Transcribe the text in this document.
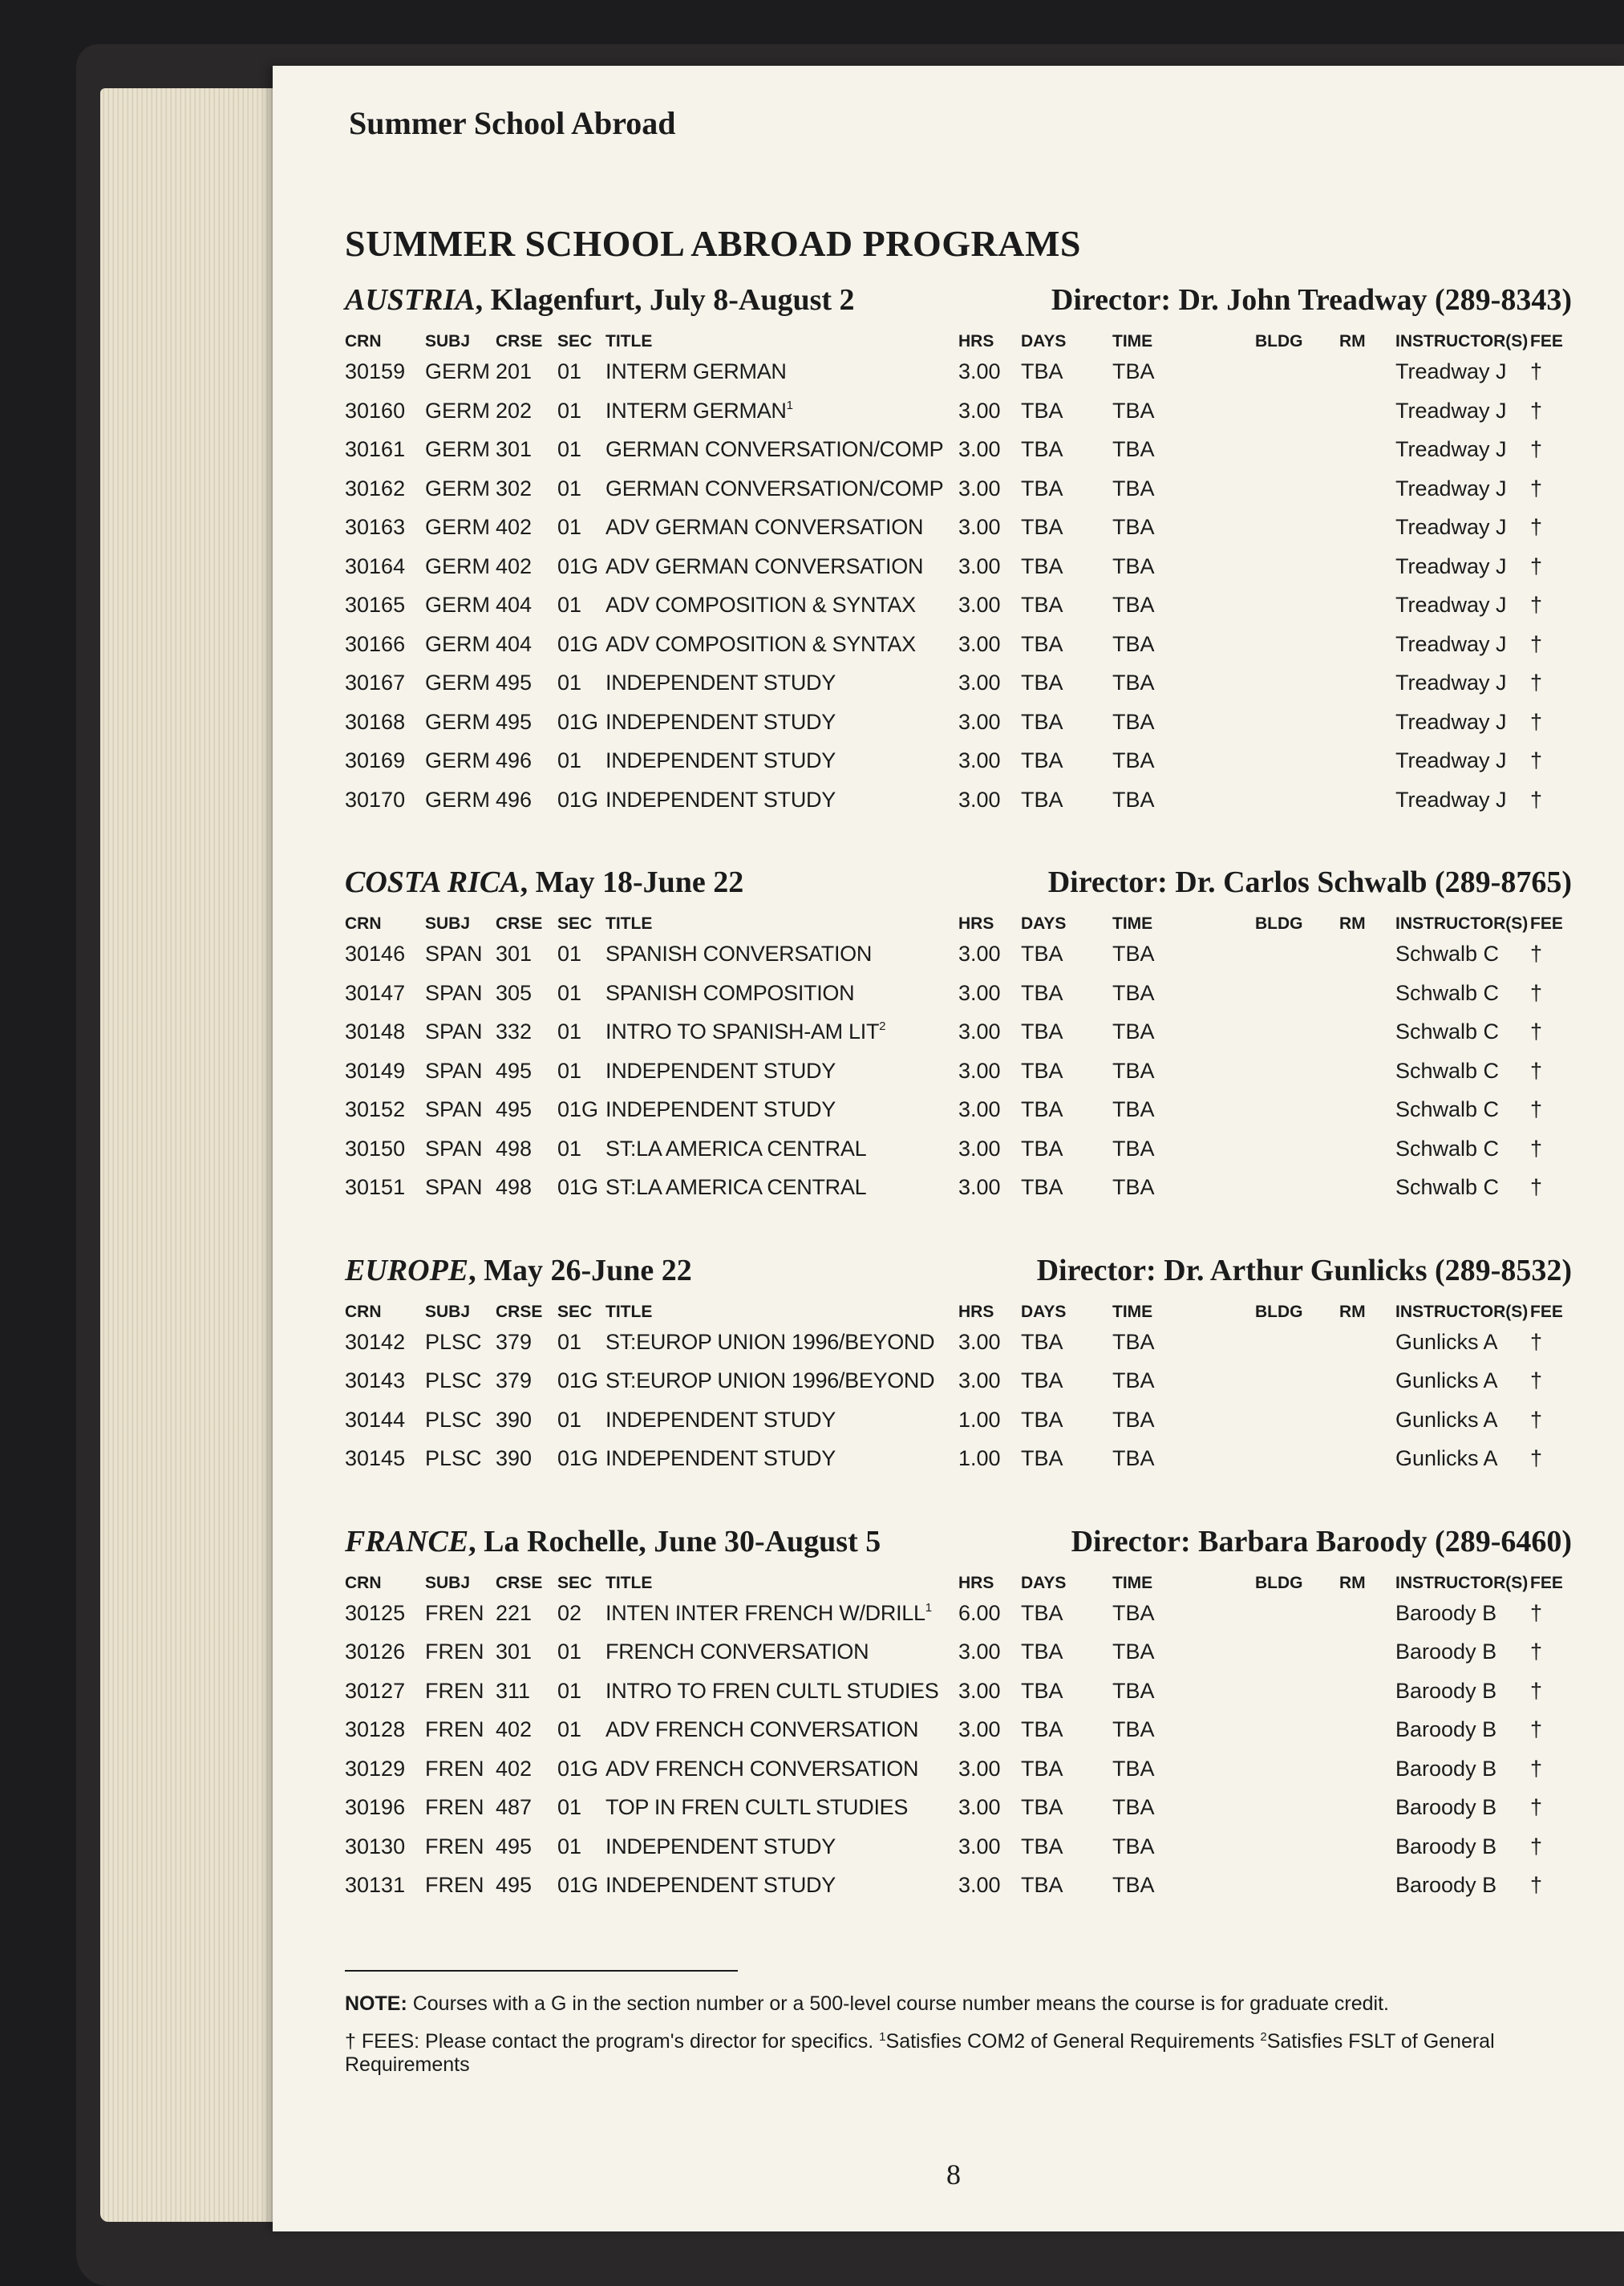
Summer School Abroad
SUMMER SCHOOL ABROAD PROGRAMS
AUSTRIA, Klagenfurt, July 8-August 2	Director: Dr. John Treadway (289-8343)
CRN	SUBJ CRSE SEC TITLE	HRS DAYS	TIME	BLDG RM INSTRUCTOR(S) FEE
30159 GERM 201 01 INTERM GERMAN	3.00 TBA TBA	Treadway J †
30160 GERM 202 01 INTERM GERMAN$^1$	3.00 TBA TBA	Treadway J †
30161 GERM 301 01 GERMAN CONVERSATION/COMP 3.00 TBA TBA	Treadway J †
30162 GERM 302 01 GERMAN CONVERSATION/COMP 3.00 TBA TBA	Treadway J †
30163 GERM 402 01 ADV GERMAN CONVERSATION 3.00 TBA TBA	Treadway J †
30164 GERM 402 01G ADV GERMAN CONVERSATION 3.00 TBA TBA	Treadway J †
30165 GERM 404 01 ADV COMPOSITION & SYNTAX 3.00 TBA TBA	Treadway J †
30166 GERM 404 01G ADV COMPOSITION & SYNTAX 3.00 TBA TBA	Treadway J †
30167 GERM 495 01 INDEPENDENT STUDY	3.00 TBA TBA	Treadway J †
30168 GERM 495 01G INDEPENDENT STUDY	3.00 TBA TBA	Treadway J †
30169 GERM 496 01 INDEPENDENT STUDY	3.00 TBA TBA	Treadway J †
30170 GERM 496 01G INDEPENDENT STUDY	3.00 TBA TBA	Treadway J †
COSTA RICA, May 18-June 22	Director: Dr. Carlos Schwalb (289-8765)
CRN	SUBJ CRSE SEC TITLE	HRS DAYS	TIME	BLDG RM INSTRUCTOR(S) FEE
30146 SPAN 301 01 SPANISH CONVERSATION	3.00 TBA TBA	Schwalb C †
30147 SPAN 305 01 SPANISH COMPOSITION	3.00 TBA TBA	Schwalb C †
30148 SPAN 332 01 INTRO TO SPANISH-AM LIT$^2$	3.00 TBA TBA	Schwalb C †
30149 SPAN 495 01 INDEPENDENT STUDY	3.00 TBA TBA	Schwalb C †
30152 SPAN 495 01G INDEPENDENT STUDY	3.00 TBA TBA	Schwalb C †
30150 SPAN 498 01 ST:LA AMERICA CENTRAL	3.00 TBA TBA	Schwalb C †
30151 SPAN 498 01G ST:LA AMERICA CENTRAL	3.00 TBA TBA	Schwalb C †
EUROPE, May 26-June 22	Director: Dr. Arthur Gunlicks (289-8532)
CRN	SUBJ CRSE SEC TITLE	HRS DAYS	TIME	BLDG RM INSTRUCTOR(S) FEE
30142 PLSC 379 01 ST:EUROP UNION 1996/BEYOND 3.00 TBA TBA	Gunlicks A †
30143 PLSC 379 01G ST:EUROP UNION 1996/BEYOND 3.00 TBA TBA	Gunlicks A †
30144 PLSC 390 01 INDEPENDENT STUDY	1.00 TBA TBA	Gunlicks A †
30145 PLSC 390 01G INDEPENDENT STUDY	1.00 TBA TBA	Gunlicks A †
FRANCE, La Rochelle, June 30-August 5	Director: Barbara Baroody (289-6460)
CRN	SUBJ CRSE SEC TITLE	HRS DAYS	TIME	BLDG RM INSTRUCTOR(S) FEE
30125 FREN 221 02 INTEN INTER FRENCH W/DRILL$^1$ 6.00 TBA TBA	Baroody B †
30126 FREN 301 01 FRENCH CONVERSATION	3.00 TBA TBA	Baroody B †
30127 FREN 311 01 INTRO TO FREN CULTL STUDIES 3.00 TBA TBA	Baroody B †
30128 FREN 402 01 ADV FRENCH CONVERSATION 3.00 TBA TBA	Baroody B †
30129 FREN 402 01G ADV FRENCH CONVERSATION 3.00 TBA TBA	Baroody B †
30196 FREN 487 01 TOP IN FREN CULTL STUDIES 3.00 TBA TBA	Baroody B †
30130 FREN 495 01 INDEPENDENT STUDY	3.00 TBA TBA	Baroody B †
30131 FREN 495 01G INDEPENDENT STUDY	3.00 TBA TBA	Baroody B †
NOTE: Courses with a G in the section number or a 500-level course number means the course is for graduate credit.
† FEES: Please contact the program's director for specifics. $^1$Satisfies COM2 of General Requirements $^2$Satisfies FSLT of General Requirements
8
